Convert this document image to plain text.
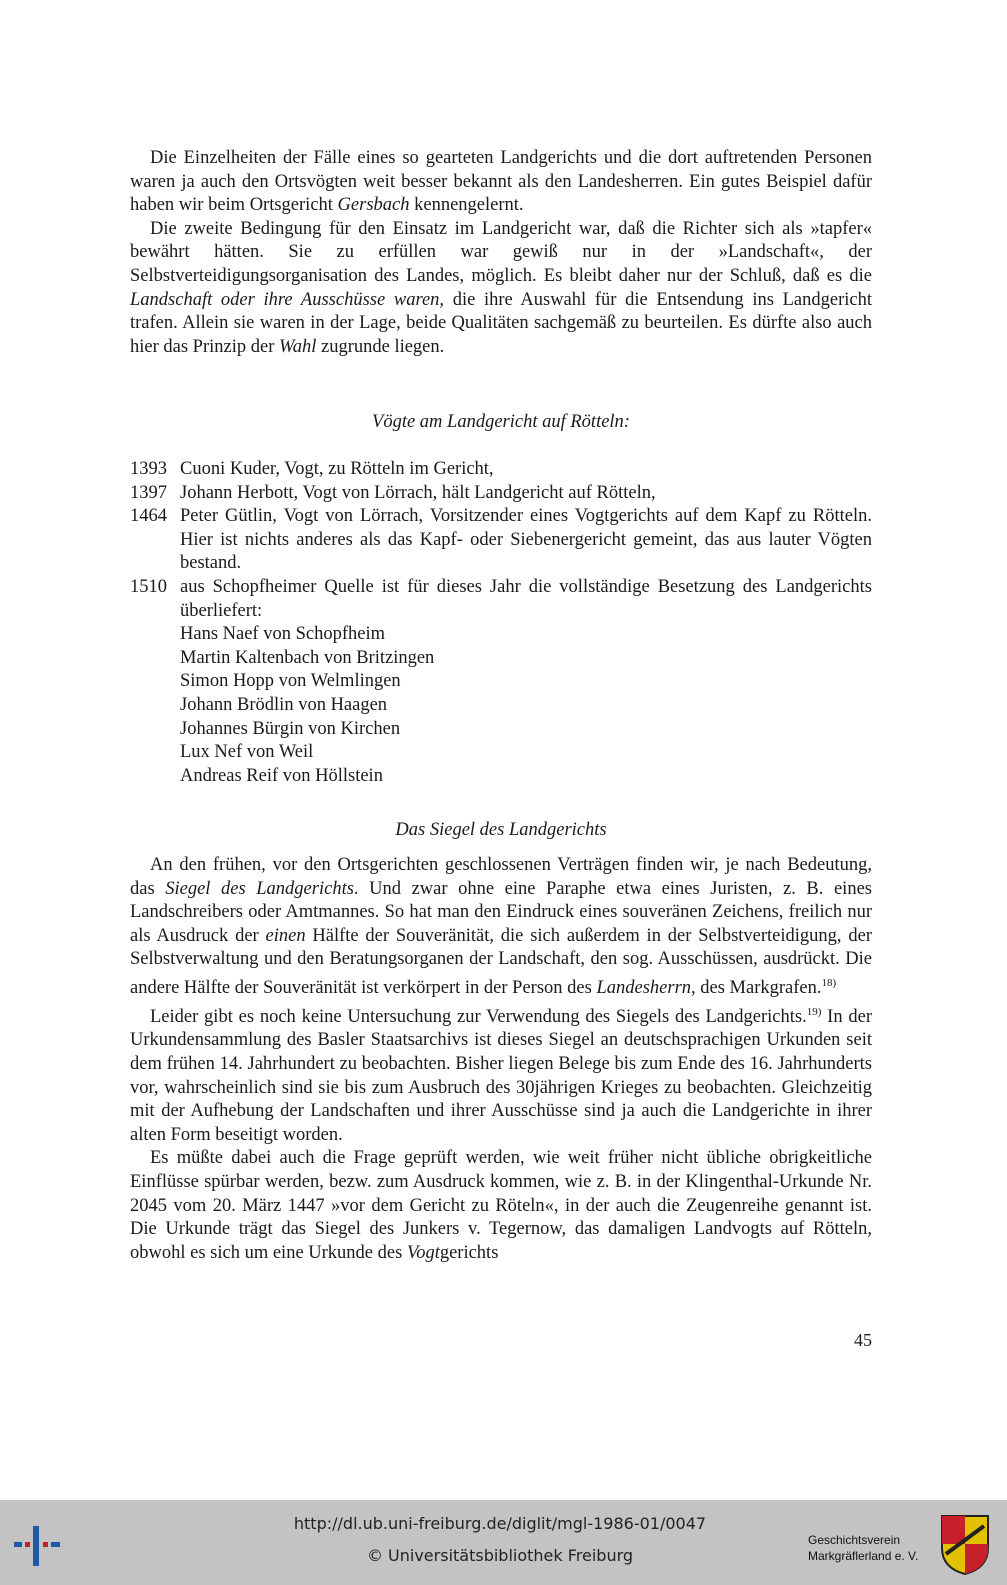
Die Einzelheiten der Fälle eines so gearteten Landgerichts und die dort auftretenden Personen waren ja auch den Ortsvögten weit besser bekannt als den Landesherren. Ein gutes Beispiel dafür haben wir beim Ortsgericht Gersbach kennengelernt.

Die zweite Bedingung für den Einsatz im Landgericht war, daß die Richter sich als »tapfer« bewährt hätten. Sie zu erfüllen war gewiß nur in der »Landschaft«, der Selbstverteidigungsorganisation des Landes, möglich. Es bleibt daher nur der Schluß, daß es die Landschaft oder ihre Ausschüsse waren, die ihre Auswahl für die Entsendung ins Landgericht trafen. Allein sie waren in der Lage, beide Qualitäten sachgemäß zu beurteilen. Es dürfte also auch hier das Prinzip der Wahl zugrunde liegen.

Vögte am Landgericht auf Rötteln:
1393 Cuoni Kuder, Vogt, zu Rötteln im Gericht,
1397 Johann Herbott, Vogt von Lörrach, hält Landgericht auf Rötteln,
1464 Peter Gütlin, Vogt von Lörrach, Vorsitzender eines Vogtgerichts auf dem Kapf zu Rötteln. Hier ist nichts anderes als das Kapf- oder Siebenergericht gemeint, das aus lauter Vögten bestand.
1510 aus Schopfheimer Quelle ist für dieses Jahr die vollständige Besetzung des Landgerichts überliefert:
Hans Naef von Schopfheim
Martin Kaltenbach von Britzingen
Simon Hopp von Welmlingen
Johann Brödlin von Haagen
Johannes Bürgin von Kirchen
Lux Nef von Weil
Andreas Reif von Höllstein
Das Siegel des Landgerichts

An den frühen, vor den Ortsgerichten geschlossenen Verträgen finden wir, je nach Bedeutung, das Siegel des Landgerichts. Und zwar ohne eine Paraphe etwa eines Juristen, z. B. eines Landschreibers oder Amtmannes. So hat man den Eindruck eines souveränen Zeichens, freilich nur als Ausdruck der einen Hälfte der Souveränität, die sich außerdem in der Selbstverteidigung, der Selbstverwaltung und den Beratungsorganen der Landschaft, den sog. Ausschüssen, ausdrückt. Die andere Hälfte der Souveränität ist verkörpert in der Person des Landesherrn, des Markgrafen.$^{18)}$

Leider gibt es noch keine Untersuchung zur Verwendung des Siegels des Landgerichts.$^{19)}$ In der Urkundensammlung des Basler Staatsarchivs ist dieses Siegel an deutschsprachigen Urkunden seit dem frühen 14. Jahrhundert zu beobachten. Bisher liegen Belege bis zum Ende des 16. Jahrhunderts vor, wahrscheinlich sind sie bis zum Ausbruch des 30jährigen Krieges zu beobachten. Gleichzeitig mit der Aufhebung der Landschaften und ihrer Ausschüsse sind ja auch die Landgerichte in ihrer alten Form beseitigt worden.

Es müßte dabei auch die Frage geprüft werden, wie weit früher nicht übliche obrigkeitliche Einflüsse spürbar werden, bezw. zum Ausdruck kommen, wie z. B. in der Klingenthal-Urkunde Nr. 2045 vom 20. März 1447 »vor dem Gericht zu Röteln«, in der auch die Zeugenreihe genannt ist. Die Urkunde trägt das Siegel des Junkers v. Tegernow, das damaligen Landvogts auf Rötteln, obwohl es sich um eine Urkunde des Vogtgerichts

45
http://dl.ub.uni-freiburg.de/diglit/mgl-1986-01/0047
© Universitätsbibliothek Freiburg
Geschichtsverein
Markgräflerland e. V.
